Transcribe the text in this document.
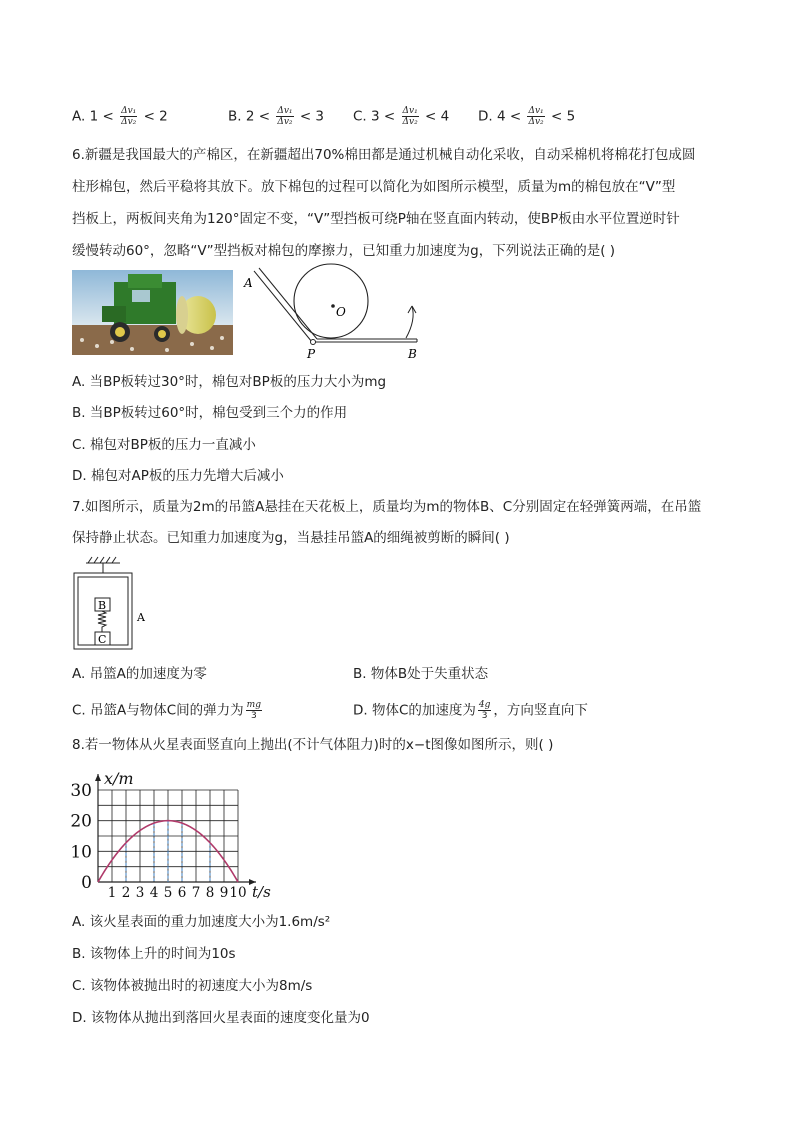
A. $1 < \frac{\text{Δv₁}}{\text{Δv₂}} < 2$	B. $2 < \frac{\text{Δv₁}}{\text{Δv₂}} < 3$ C. $3 < \frac{\text{Δv₁}}{\text{Δv₂}} < 4$ D. $4 < \frac{\text{Δv₁}}{\text{Δv₂}} < 5$
6.新疆是我国最大的产棉区，在新疆超出70%棉田都是通过机械自动化采收，自动采棉机将棉花打包成圆
柱形棉包，然后平稳将其放下。放下棉包的过程可以简化为如图所示模型，质量为m的棉包放在“V”型
挡板上，两板间夹角为120°固定不变，“V”型挡板可绕P轴在竖直面内转动，使BP板由水平位置逆时针
缓慢转动60°，忽略“V”型挡板对棉包的摩擦力，已知重力加速度为g，下列说法正确的是( )
A
O
P	B
A. 当BP板转过30°时，棉包对BP板的压力大小为mg
B. 当BP板转过60°时，棉包受到三个力的作用
C. 棉包对BP板的压力一直减小
D. 棉包对AP板的压力先增大后减小
7.如图所示，质量为2m的吊篮A悬挂在天花板上，质量均为m的物体B、C分别固定在轻弹簧两端，在吊篮
保持静止状态。已知重力加速度为g，当悬挂吊篮A的细绳被剪断的瞬间( )
B
C
A
A. 吊篮A的加速度为零	B. 物体B处于失重状态
C. 吊篮A与物体C间的弹力为 $\frac{mg}{3}$	D. 物体C的加速度为 $\frac{4g}{3}$ ，方向竖直向下
8.若一物体从火星表面竖直向上抛出(不计气体阻力)时的x−t图像如图所示，则( )
0
10
20
30
1 2 3 4 5 6 7 8 9 10
x/m
t/s
A. 该火星表面的重力加速度大小为1.6m/s²
B. 该物体上升的时间为10s
C. 该物体被抛出时的初速度大小为8m/s
D. 该物体从抛出到落回火星表面的速度变化量为0
